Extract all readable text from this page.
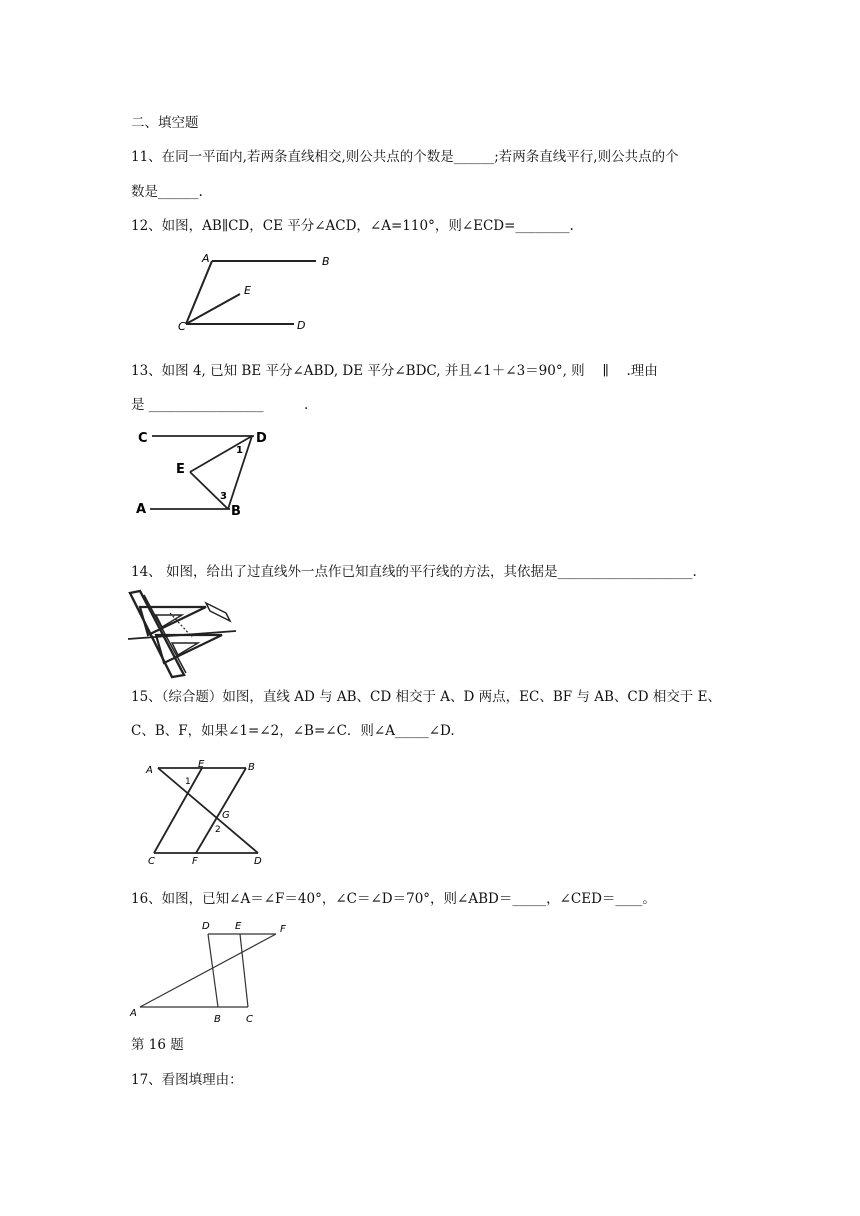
二、填空题
11、在同一平面内,若两条直线相交,则公共点的个数是______;若两条直线平行,则公共点的个
数是______.
12、如图，AB∥CD，CE 平分∠ACD，∠A=110°，则∠ECD=________.
A	B
C	D
E
13、如图 4, 已知 BE 平分∠ABD, DE 平分∠BDC, 并且∠1＋∠3＝90°, 则 　∥　 .理由
是 _________________　　　.
C	D
E
A	B
1
3
14、 如图，给出了过直线外一点作已知直线的平行线的方法，其依据是____________________.
15、（综合题）如图，直线 AD 与 AB、CD 相交于 A、D 两点，EC、BF 与 AB、CD 相交于 E、
C、B、F，如果∠1=∠2，∠B=∠C．则∠A_____∠D.
A
E	B
C	F	D
G
1
2
16、如图，已知∠A＝∠F＝40°，∠C＝∠D＝70°，则∠ABD＝_____，∠CED＝____。
D	E	F
A
B	C
第 16 题
17、看图填理由：
